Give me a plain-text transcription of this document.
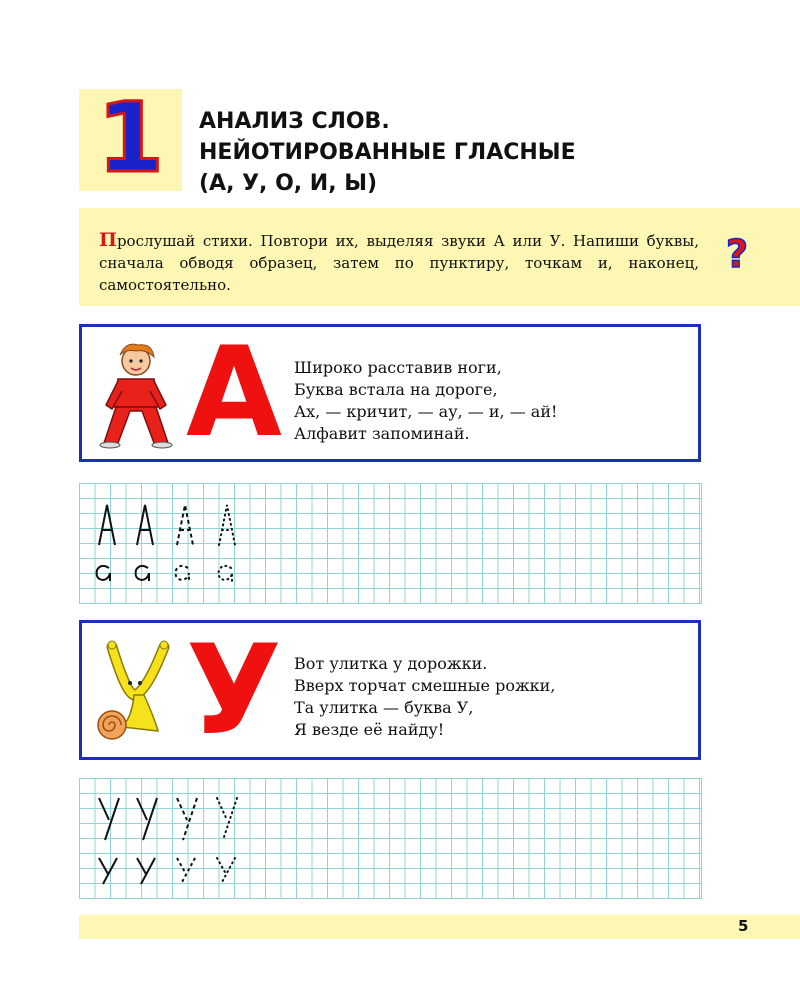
1	АНАЛИЗ СЛОВ.
НЕЙОТИРОВАННЫЕ ГЛАСНЫЕ
(А, У, О, И, Ы)
Прослушай стихи. Повтори их, выделяя звуки А или У. Напиши буквы, сначала обводя образец, затем по пунктиру, точкам и, наконец, самостоятельно.
?
А Широко расставив ноги,
Буква встала на дороге,
Ах, — кричит, — ау, — и, — ай!
Алфавит запоминай.
У Вот улитка у дорожки.
Вверх торчат смешные рожки,
Та улитка — буква У,
Я везде её найду!
5
